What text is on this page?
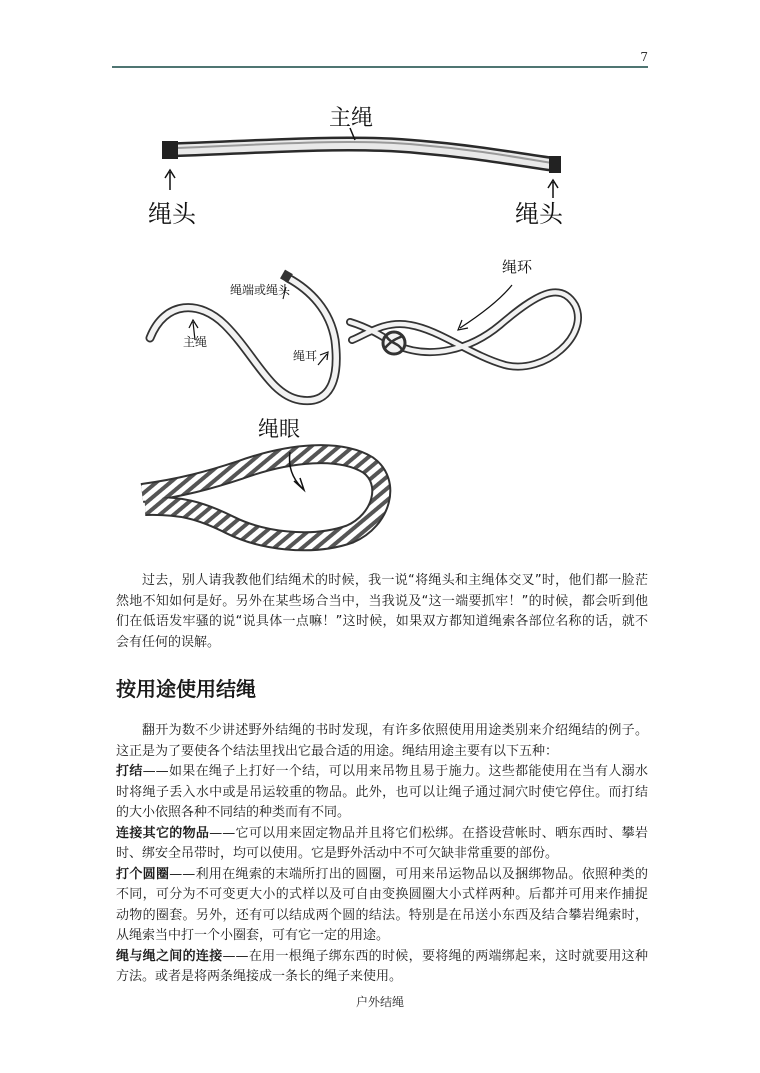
7
主绳
绳头	绳头
绳端或绳头
主绳
绳耳
绳环
绳眼

过去，别人请我教他们结绳术的时候，我一说“将绳头和主绳体交叉”时，他们都一脸茫然地不知如何是好。另外在某些场合当中，当我说及“这一端要抓牢！”的时候，都会听到他们在低语发牢骚的说“说具体一点嘛！”这时候，如果双方都知道绳索各部位名称的话，就不会有任何的误解。

按用途使用结绳

翻开为数不少讲述野外结绳的书时发现，有许多依照使用用途类别来介绍绳结的例子。这正是为了要使各个结法里找出它最合适的用途。绳结用途主要有以下五种：

打结——如果在绳子上打好一个结，可以用来吊物且易于施力。这些都能使用在当有人溺水时将绳子丢入水中或是吊运较重的物品。此外，也可以让绳子通过洞穴时使它停住。而打结的大小依照各种不同结的种类而有不同。

连接其它的物品——它可以用来固定物品并且将它们松绑。在搭设营帐时、晒东西时、攀岩时、绑安全吊带时，均可以使用。它是野外活动中不可欠缺非常重要的部份。

打个圆圈——利用在绳索的末端所打出的圆圈，可用来吊运物品以及捆绑物品。依照种类的不同，可分为不可变更大小的式样以及可自由变换圆圈大小式样两种。后都并可用来作捕捉动物的圈套。另外，还有可以结成两个圆的结法。特别是在吊送小东西及结合攀岩绳索时，从绳索当中打一个小圈套，可有它一定的用途。

绳与绳之间的连接——在用一根绳子绑东西的时候，要将绳的两端绑起来，这时就要用这种方法。或者是将两条绳接成一条长的绳子来使用。

户外结绳
